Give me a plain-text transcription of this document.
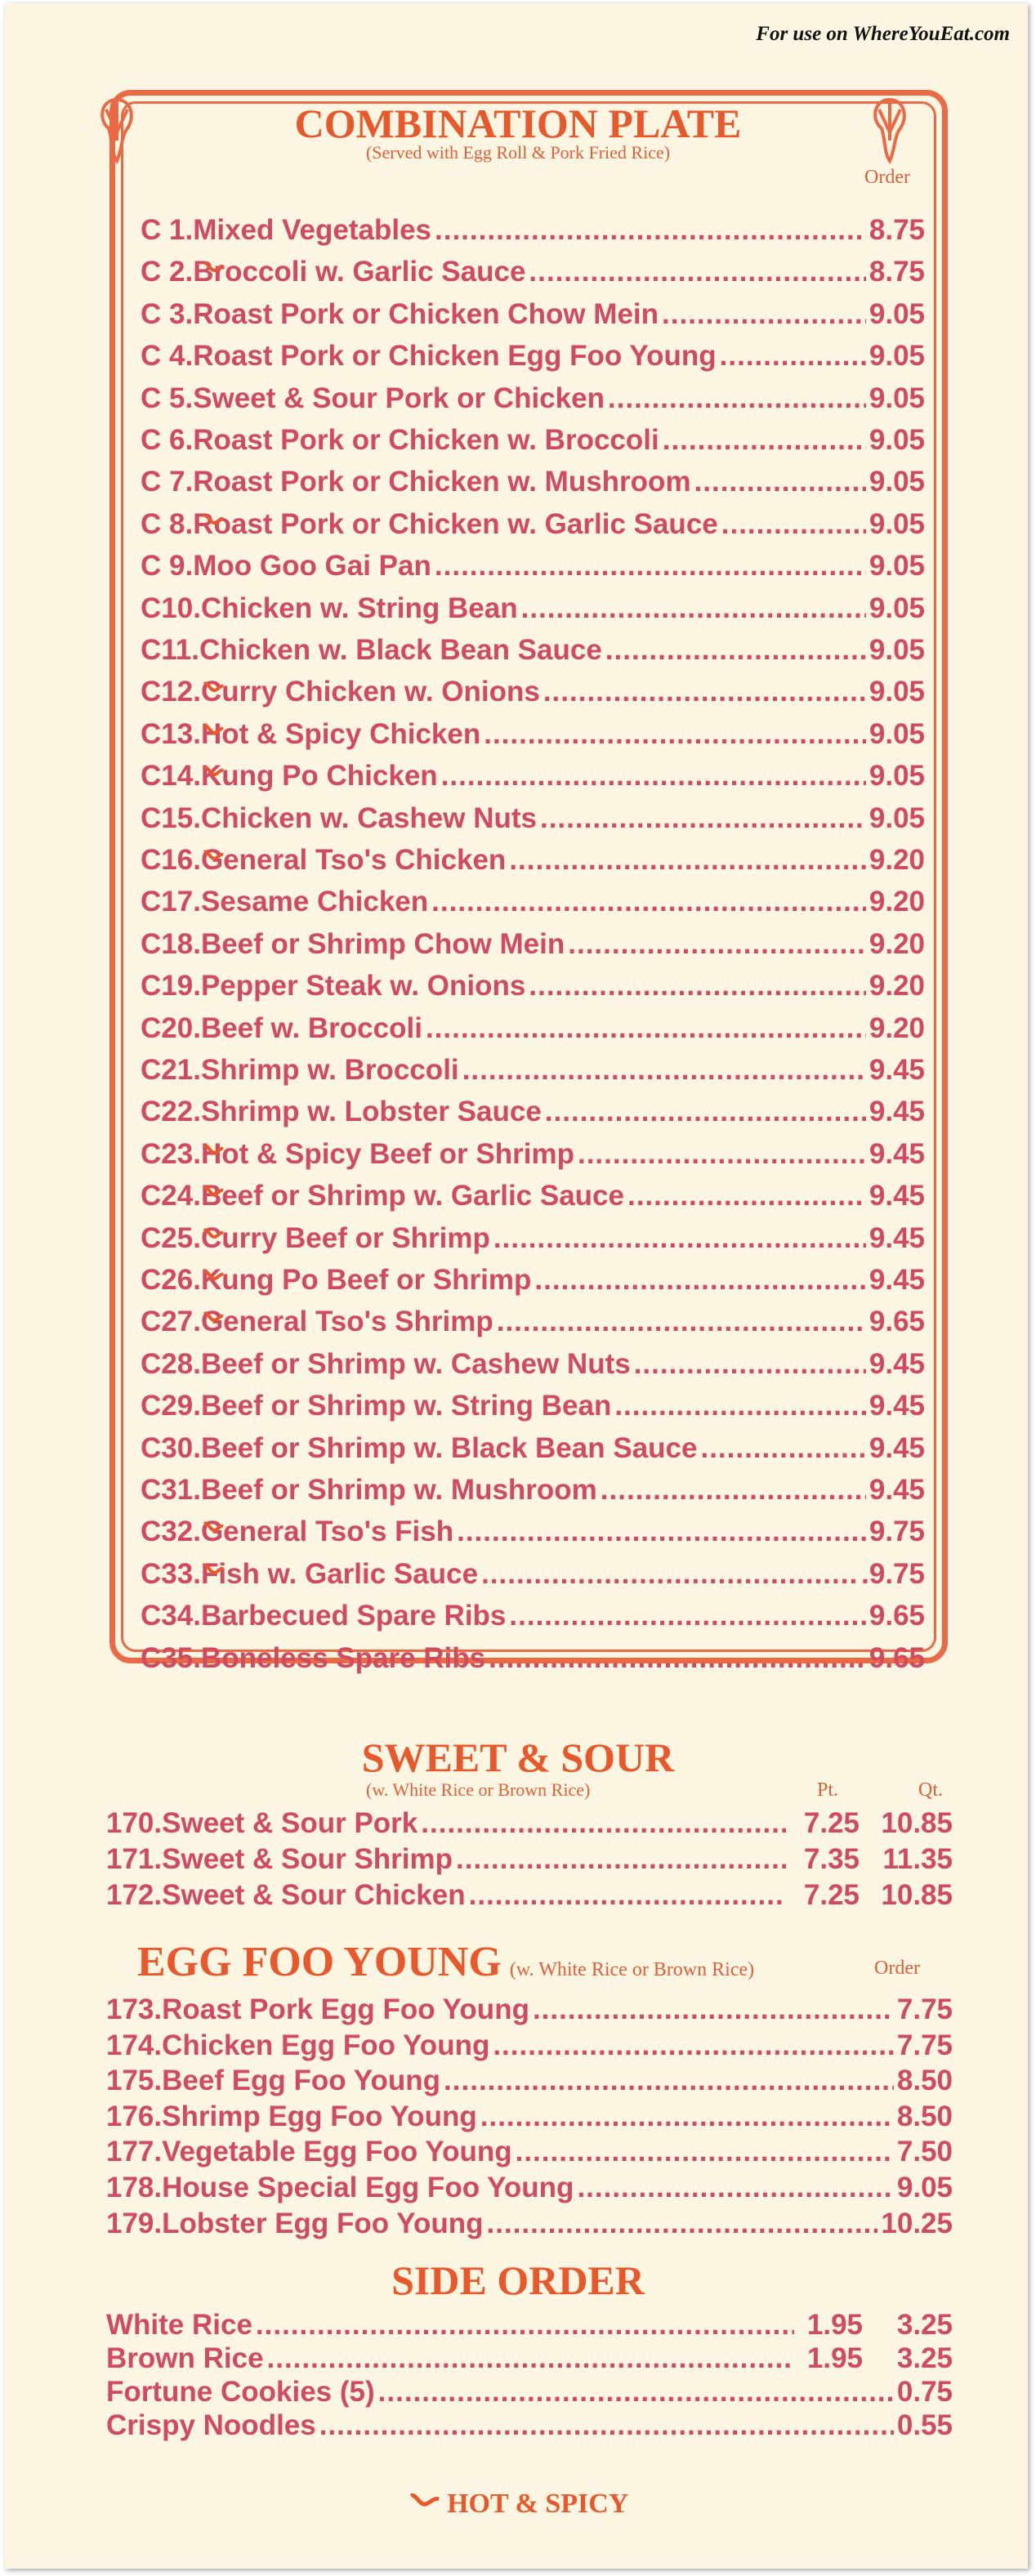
For use on WhereYouEat.com
COMBINATION PLATE
(Served with Egg Roll & Pork Fried Rice)
Order
C 1. Mixed Vegetables .....	8.75
C 2. Broccoli w. Garlic Sauce .....	8.75
C 3. Roast Pork or Chicken Chow Mein .....	9.05
C 4. Roast Pork or Chicken Egg Foo Young .....	9.05
C 5. Sweet & Sour Pork or Chicken .....	9.05
C 6. Roast Pork or Chicken w. Broccoli .....	9.05
C 7. Roast Pork or Chicken w. Mushroom .....	9.05
C 8. Roast Pork or Chicken w. Garlic Sauce .....	9.05
C 9. Moo Goo Gai Pan .....	9.05
C10. Chicken w. String Bean .....	9.05
C11. Chicken w. Black Bean Sauce .....	9.05
C12. Curry Chicken w. Onions .....	9.05
C13. Hot & Spicy Chicken .....	9.05
C14. Kung Po Chicken .....	9.05
C15. Chicken w. Cashew Nuts .....	9.05
C16. General Tso's Chicken .....	9.20
C17. Sesame Chicken .....	9.20
C18. Beef or Shrimp Chow Mein .....	9.20
C19. Pepper Steak w. Onions .....	9.20
C20. Beef w. Broccoli .....	9.20
C21. Shrimp w. Broccoli .....	9.45
C22. Shrimp w. Lobster Sauce .....	9.45
C23. Hot & Spicy Beef or Shrimp .....	9.45
C24. Beef or Shrimp w. Garlic Sauce .....	9.45
C25. Curry Beef or Shrimp .....	9.45
C26. Kung Po Beef or Shrimp .....	9.45
C27. General Tso's Shrimp .....	9.65
C28. Beef or Shrimp w. Cashew Nuts .....	9.45
C29. Beef or Shrimp w. String Bean .....	9.45
C30. Beef or Shrimp w. Black Bean Sauce .....	9.45
C31. Beef or Shrimp w. Mushroom .....	9.45
C32. General Tso's Fish .....	9.75
C33. Fish w. Garlic Sauce .....	.9.75
C34. Barbecued Spare Ribs .....	9.65
C35. Boneless Spare Ribs .....	9.65
SWEET & SOUR
(w. White Rice or Brown Rice)	Pt.	Qt.
170. Sweet & Sour Pork .....	7.25 10.85
171. Sweet & Sour Shrimp .....	7.35 11.35
172. Sweet & Sour Chicken .....	7.25 10.85
EGG FOO YOUNG (w. White Rice or Brown Rice)	Order
173. Roast Pork Egg Foo Young .....	7.75
174. Chicken Egg Foo Young .....	7.75
175. Beef Egg Foo Young .....	8.50
176. Shrimp Egg Foo Young .....	8.50
177. Vegetable Egg Foo Young .....	7.50
178. House Special Egg Foo Young .....	9.05
179. Lobster Egg Foo Young .....	10.25
SIDE ORDER
White Rice .....	1.95	3.25
Brown Rice .....	1.95	3.25
Fortune Cookies (5) .....	0.75
Crispy Noodles .....	0.55
HOT & SPICY
